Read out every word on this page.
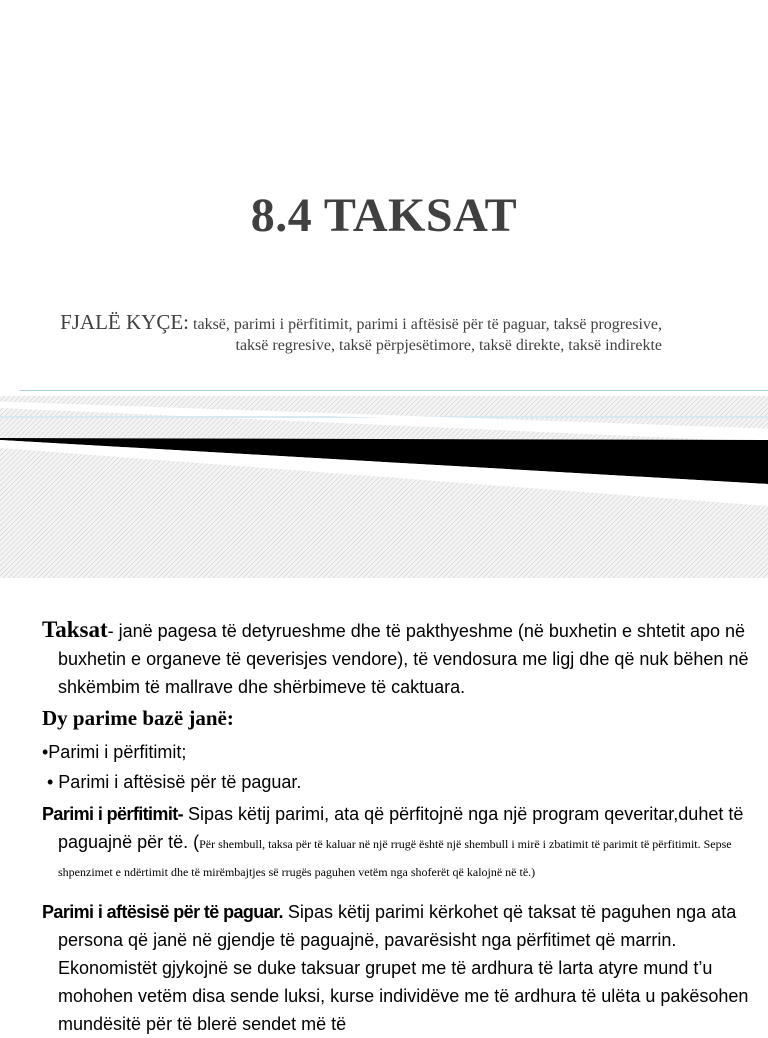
8.4 TAKSAT
FJALË KYÇE: taksë, parimi i përfitimit, parimi i aftësisë për të paguar, taksë progresive, taksë regresive, taksë përpjesëtimore, taksë direkte, taksë indirekte
Taksat- janë pagesa të detyrueshme dhe të pakthyeshme (në buxhetin e shtetit apo në buxhetin e organeve të qeverisjes vendore), të vendosura me ligj dhe që nuk bëhen në shkëmbim të mallrave dhe shërbimeve të caktuara.
Dy parime bazë janë:
•Parimi i përfitimit;
• Parimi i aftësisë për të paguar.
Parimi i përfitimit- Sipas këtij parimi, ata që përfitojnë nga një program qeveritar,duhet të paguajnë për të. (Për shembull, taksa për të kaluar në një rrugë është një shembull i mirë i zbatimit të parimit të përfitimit. Sepse shpenzimet e ndërtimit dhe të mirëmbajtjes së rrugës paguhen vetëm nga shoferët që kalojnë në të.)
Parimi i aftësisë për të paguar. Sipas këtij parimi kërkohet që taksat të paguhen nga ata persona që janë në gjendje të paguajnë, pavarësisht nga përfitimet që marrin. Ekonomistët gjykojnë se duke taksuar grupet me të ardhura të larta atyre mund t’u mohohen vetëm disa sende luksi, kurse individëve me të ardhura të ulëta u pakësohen mundësitë për të blerë sendet më të
